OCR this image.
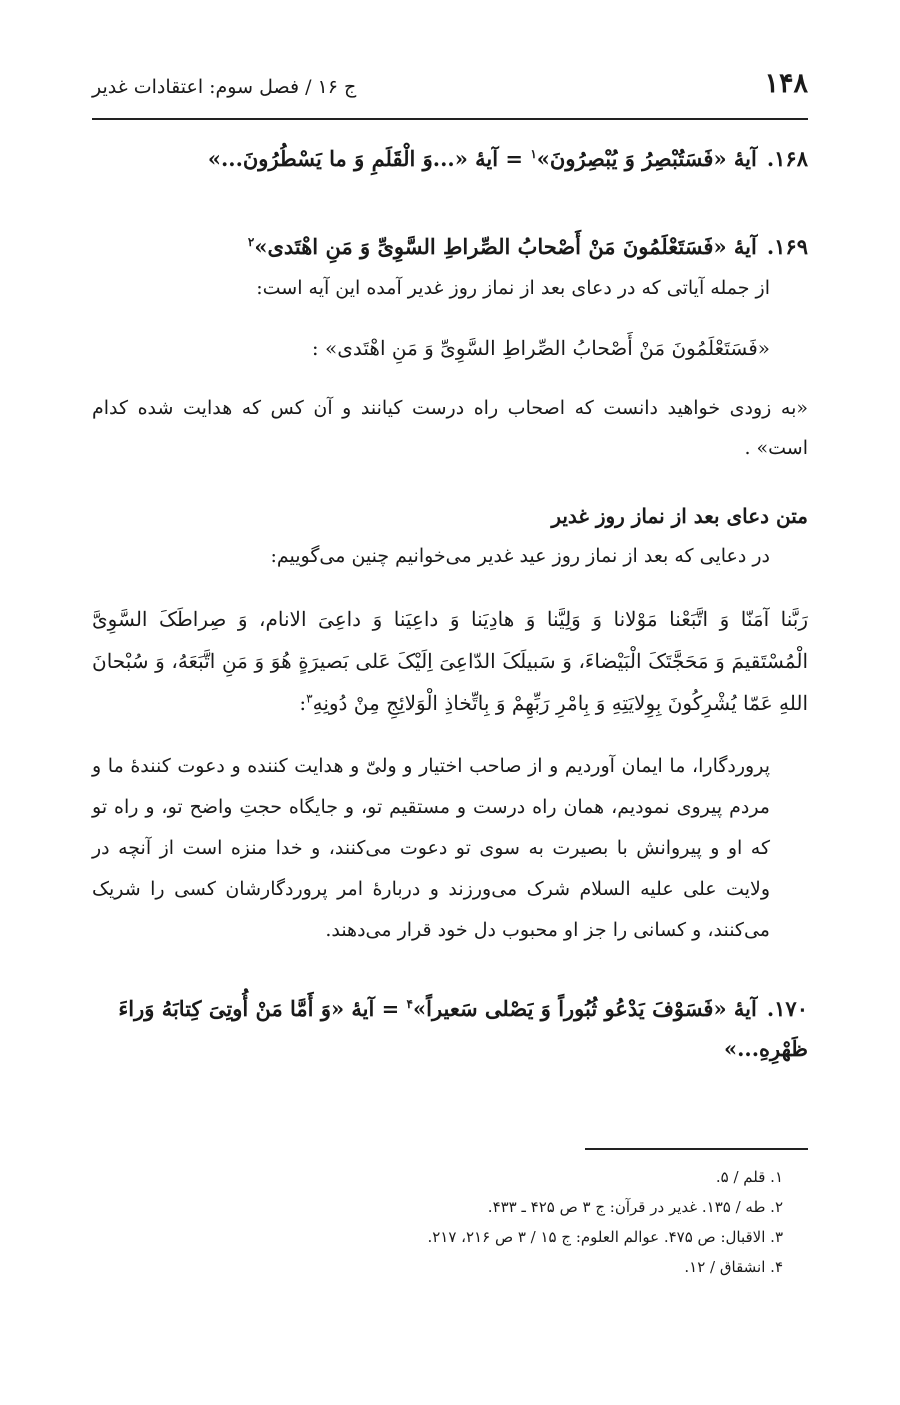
۱۴۸
ج ۱۶ / فصل سوم: اعتقادات غدیر
۱۶۸.آیهٔ «فَسَتُبْصِرُ وَ یُبْصِرُونَ»$^۱$ = آیهٔ «...وَ الْقَلَمِ وَ ما یَسْطُرُونَ...»
۱۶۹.آیهٔ «فَسَتَعْلَمُونَ مَنْ أَصْحابُ الصِّراطِ السَّوِیِّ وَ مَنِ اهْتَدی»$^۲$

از جمله آیاتی که در دعای بعد از نماز روز غدیر آمده این آیه است:

«فَسَتَعْلَمُونَ مَنْ أَصْحابُ الصِّراطِ السَّوِیِّ وَ مَنِ اهْتَدی» :

«به زودی خواهید دانست که اصحاب راه درست کیانند و آن کس که هدایت شده کدام است» .

متن دعای بعد از نماز روز غدیر

در دعایی که بعد از نماز روز عید غدیر می‌خوانیم چنین می‌گوییم:

رَبَّنا آمَنّا وَ اتَّبَعْنا مَوْلانا وَ وَلِیَّنا وَ هادِیَنا وَ داعِیَنا وَ داعِیَ الانام، وَ صِراطَکَ السَّوِیَّ الْمُسْتَقیمَ وَ مَحَجَّتَکَ الْبَیْضاءَ، وَ سَبیلَکَ الدّاعِیَ اِلَیْکَ عَلی بَصیرَةٍ هُوَ وَ مَنِ اتَّبَعَهُ، وَ سُبْحانَ اللهِ عَمّا یُشْرِکُونَ بِوِلایَتِهِ وَ بِامْرِ رَبِّهِمْ وَ بِاتِّخاذِ الْوَلائِجِ مِنْ دُونِهِ$^۳$:

پروردگارا، ما ایمان آوردیم و از صاحب اختیار و ولیّ و هدایت کننده و دعوت کنندهٔ ما و مردم پیروی نمودیم، همان راه درست و مستقیم تو، و جایگاه حجتِ واضح تو، و راه تو که او و پیروانش با بصیرت به سوی تو دعوت می‌کنند، و خدا منزه است از آنچه در ولایت علی علیه السلام شرک می‌ورزند و دربارهٔ امر پروردگارشان کسی را شریک می‌کنند، و کسانی را جز او محبوب دل خود قرار می‌دهند.

۱۷۰.آیهٔ «فَسَوْفَ یَدْعُو ثُبُوراً وَ یَصْلی سَعیراً»$^۴$ = آیهٔ «وَ أَمَّا مَنْ أُوتِیَ کِتابَهُ وَراءَ ظَهْرِهِ...»
۱. قلم / ۵.
۲. طه / ۱۳۵. غدیر در قرآن: ج ۳ ص ۴۲۵ ـ ۴۳۳.
۳. الاقبال: ص ۴۷۵. عوالم العلوم: ج ۱۵ / ۳ ص ۲۱۶، ۲۱۷.
۴. انشقاق / ۱۲.
